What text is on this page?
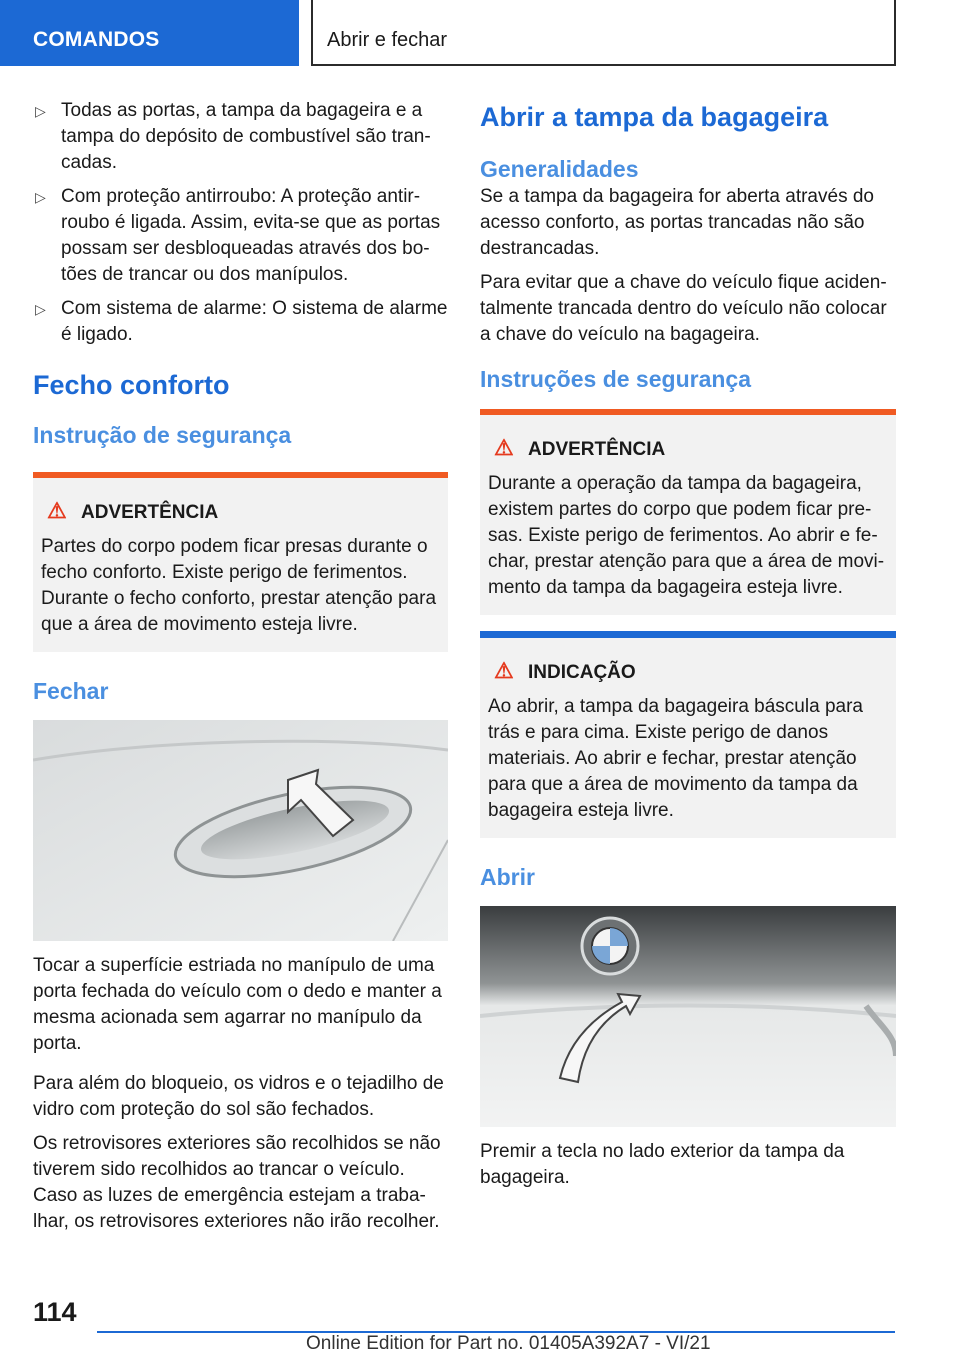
COMANDOS	Abrir e fechar
▷ Todas as portas, a tampa da bagageira e a tampa do depósito de combustível são trancadas.
▷ Com proteção antirroubo: A proteção antirroubo é ligada. Assim, evita-se que as portas possam ser desbloqueadas através dos botões de trancar ou dos manípulos.
▷ Com sistema de alarme: O sistema de alarme é ligado.
Fecho conforto
Instrução de segurança
⚠ ADVERTÊNCIA
Partes do corpo podem ficar presas durante o fecho conforto. Existe perigo de ferimentos. Durante o fecho conforto, prestar atenção para que a área de movimento esteja livre.
Fechar

Tocar a superfície estriada no manípulo de uma porta fechada do veículo com o dedo e manter a mesma acionada sem agarrar no manípulo da porta.

Para além do bloqueio, os vidros e o tejadilho de vidro com proteção do sol são fechados.

Os retrovisores exteriores são recolhidos se não tiverem sido recolhidos ao trancar o veículo. Caso as luzes de emergência estejam a trabalhar, os retrovisores exteriores não irão recolher.

Abrir a tampa da bagageira
Generalidades

Se a tampa da bagageira for aberta através do acesso conforto, as portas trancadas não são destrancadas.

Para evitar que a chave do veículo fique acidentalmente trancada dentro do veículo não colocar a chave do veículo na bagageira.

Instruções de segurança
⚠ ADVERTÊNCIA
Durante a operação da tampa da bagageira, existem partes do corpo que podem ficar presas. Existe perigo de ferimentos. Ao abrir e fechar, prestar atenção para que a área de movimento da tampa da bagageira esteja livre.
⚠ INDICAÇÃO
Ao abrir, a tampa da bagageira báscula para trás e para cima. Existe perigo de danos materiais. Ao abrir e fechar, prestar atenção para que a área de movimento da tampa da bagageira esteja livre.
Abrir

Premir a tecla no lado exterior da tampa da bagageira.

114
Online Edition for Part no. 01405A392A7 - VI/21
